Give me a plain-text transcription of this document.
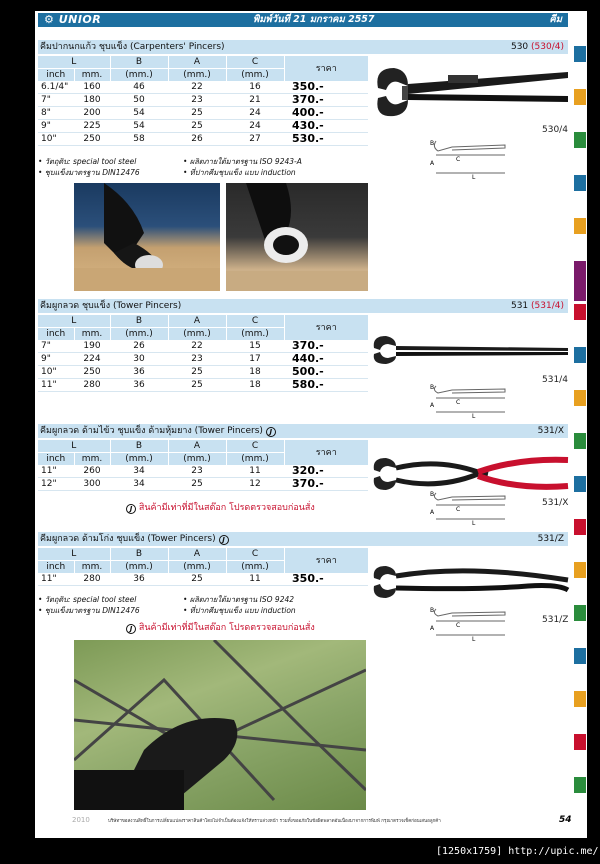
⚙ UNIOR	พิมพ์วันที่ 21 มกราคม 2557	คีม
คีมปากนกแก้ว ชุบแข็ง (Carpenters' Pincers)	530 (530/4)
L		B	A	C	ราคา
inch	mm.	(mm.)	(mm.)	(mm.)	
6.1/4"	160	46	22	16	350.-
7"	180	50	23	21	370.-
8"	200	54	25	24	400.-
9"	225	54	25	24	430.-
10"	250	58	26	27	530.-
• วัตถุดิบ: special tool steel	• ผลิตภายใต้มาตรฐาน ISO 9243-A
• ชุบแข็งมาตรฐาน DIN12476	• ที่ปากคีมชุบแข็ง แบบ induction
530/4
B
A
C
L
คีมผูกลวด ชุบแข็ง (Tower Pincers)	531 (531/4)
L		B	A	C	ราคา
inch	mm.	(mm.)	(mm.)	(mm.)	
7"	190	26	22	15	370.-
9"	224	30	23	17	440.-
10"	250	36	25	18	500.-
11"	280	36	25	18	580.-	531/4
B
A	C
L
คีมผูกลวด ด้ามไข้ว ชุบแข็ง ด้ามหุ้มยาง (Tower Pincers) J	531/X
L		B	A	C	ราคา
inch	mm.	(mm.)	(mm.)	(mm.)	
11"	260	34	23	11	320.-
12"	300	34	25	12	370.-
J สินค้ามีเท่าที่มีในสต๊อก โปรดตรวจสอบก่อนสั่ง	531/X
B
A	C
L
คีมผูกลวด ด้ามโก่ง ชุบแข็ง (Tower Pincers) J	531/Z
L		B	A	C	ราคา
inch	mm.	(mm.)	(mm.)	(mm.)	
11"	280	36	25	11	350.-
• วัตถุดิบ: special tool steel	• ผลิตภายใต้มาตรฐาน ISO 9242
• ชุบแข็งมาตรฐาน DIN12476	• ที่ปากคีมชุบแข็ง แบบ induction
J สินค้ามีเท่าที่มีในสต๊อก โปรดตรวจสอบก่อนสั่ง
531/Z
B
A	C
L
2010	บริษัทฯขอสงวนสิทธิ์ในการเปลี่ยนแปลงราคาสินค้าโดยไม่จำเป็นต้องแจ้งให้ทราบล่วงหน้า รวมทั้งขออภัยในข้อผิดพลาดอันเนื่องมาจากการพิมพ์ กรุณาตรวจเช็คก่อนเสนอลูกค้า	54
[1250x1759] http://upic.me/
